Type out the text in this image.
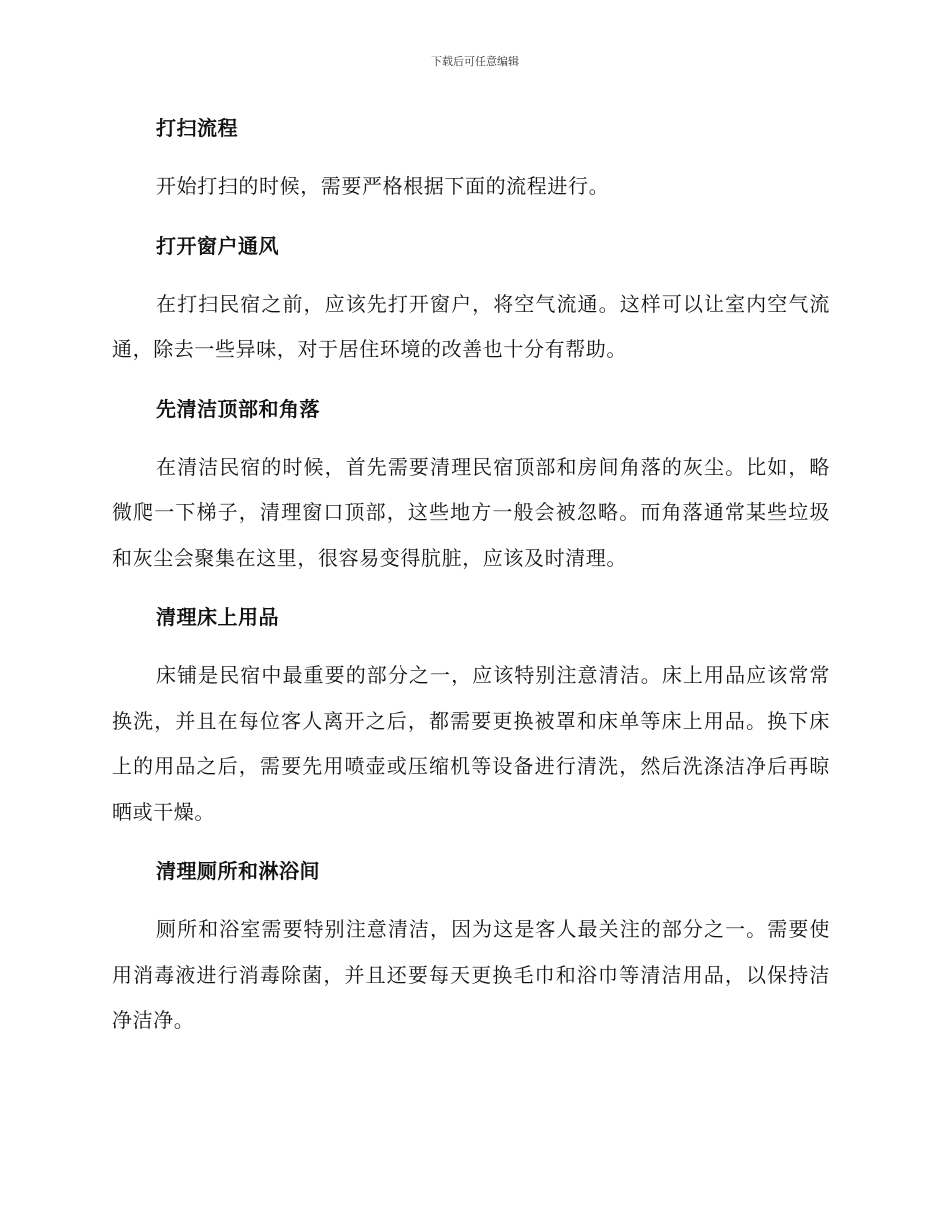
下载后可任意编辑
打扫流程

开始打扫的时候，需要严格根据下面的流程进行。

打开窗户通风

在打扫民宿之前，应该先打开窗户，将空气流通。这样可以让室内空气流通，除去一些异味，对于居住环境的改善也十分有帮助。

先清洁顶部和角落

在清洁民宿的时候，首先需要清理民宿顶部和房间角落的灰尘。比如，略微爬一下梯子，清理窗口顶部，这些地方一般会被忽略。而角落通常某些垃圾和灰尘会聚集在这里，很容易变得肮脏，应该及时清理。

清理床上用品

床铺是民宿中最重要的部分之一，应该特别注意清洁。床上用品应该常常换洗，并且在每位客人离开之后，都需要更换被罩和床单等床上用品。换下床上的用品之后，需要先用喷壶或压缩机等设备进行清洗，然后洗涤洁净后再晾晒或干燥。

清理厕所和淋浴间

厕所和浴室需要特别注意清洁，因为这是客人最关注的部分之一。需要使用消毒液进行消毒除菌，并且还要每天更换毛巾和浴巾等清洁用品，以保持洁净洁净。
